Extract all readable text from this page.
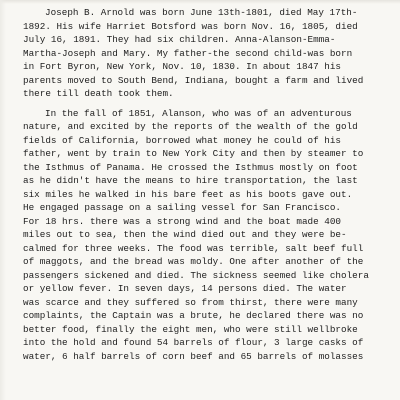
Joseph B. Arnold was born June 13th-1801, died May 17th-
1892. His wife Harriet Botsford was born Nov. 16, 1805, died
July 16, 1891. They had six children. Anna-Alanson-Emma-
Martha-Joseph and Mary. My father-the second child-was born
in Fort Byron, New York, Nov. 10, 1830. In about 1847 his
parents moved to South Bend, Indiana, bought a farm and lived
there till death took them.
In the fall of 1851, Alanson, who was of an adventurous
nature, and excited by the reports of the wealth of the gold
fields of California, borrowed what money he could of his
father, went by train to New York City and then by steamer to
the Isthmus of Panama. He crossed the Isthmus mostly on foot
as he didn't have the means to hire transportation, the last
six miles he walked in his bare feet as his boots gave out.
He engaged passage on a sailing vessel for San Francisco.
For 18 hrs. there was a strong wind and the boat made 400
miles out to sea, then the wind died out and they were be-
calmed for three weeks. The food was terrible, salt beef full
of maggots, and the bread was moldy. One after another of the
passengers sickened and died. The sickness seemed like cholera
or yellow fever. In seven days, 14 persons died. The water
was scarce and they suffered so from thirst, there were many
complaints, the Captain was a brute, he declared there was no
better food, finally the eight men, who were still wellbroke
into the hold and found 54 barrels of flour, 3 large casks of
water, 6 half barrels of corn beef and 65 barrels of molasses
